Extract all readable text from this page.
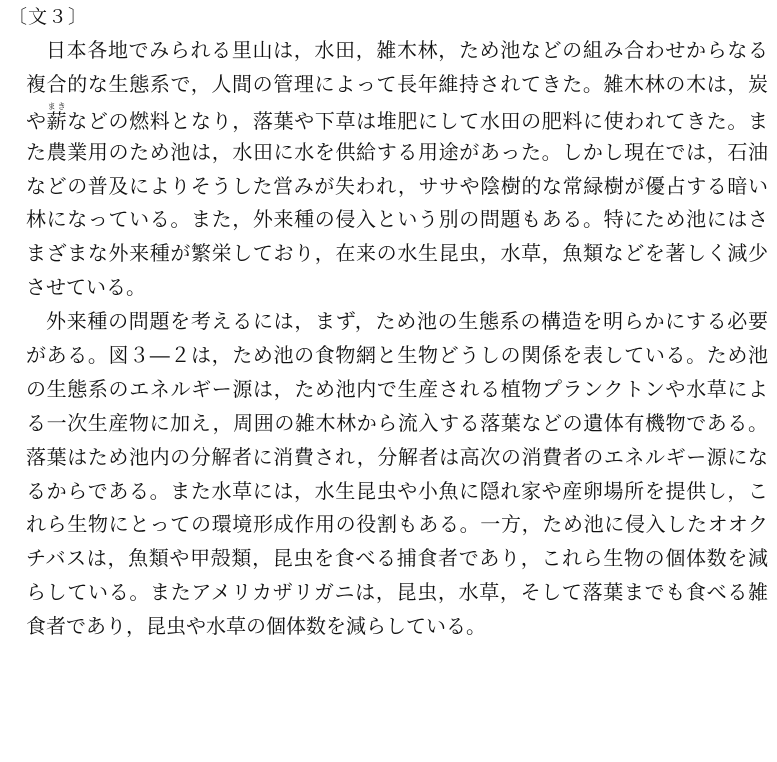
〔文３〕
日本各地でみられる里山は，水田，雑木林，ため池などの組み合わせからなる
複合的な生態系で，人間の管理によって長年維持されてきた。雑木林の木は，炭
や薪まきなどの燃料となり，落葉や下草は堆肥にして水田の肥料に使われてきた。ま
た農業用のため池は，水田に水を供給する用途があった。しかし現在では，石油
などの普及によりそうした営みが失われ，ササや陰樹的な常緑樹が優占する暗い
林になっている。また，外来種の侵入という別の問題もある。特にため池にはさ
まざまな外来種が繁栄しており，在来の水生昆虫，水草，魚類などを著しく減少
させている。
外来種の問題を考えるには，まず，ため池の生態系の構造を明らかにする必要
がある。図３―２は，ため池の食物網と生物どうしの関係を表している。ため池
の生態系のエネルギー源は，ため池内で生産される植物プランクトンや水草によ
る一次生産物に加え，周囲の雑木林から流入する落葉などの遺体有機物である。
落葉はため池内の分解者に消費され，分解者は高次の消費者のエネルギー源にな
るからである。また水草には，水生昆虫や小魚に隠れ家や産卵場所を提供し，こ
れら生物にとっての環境形成作用の役割もある。一方，ため池に侵入したオオク
チバスは，魚類や甲殻類，昆虫を食べる捕食者であり，これら生物の個体数を減
らしている。またアメリカザリガニは，昆虫，水草，そして落葉までも食べる雑
食者であり，昆虫や水草の個体数を減らしている。
